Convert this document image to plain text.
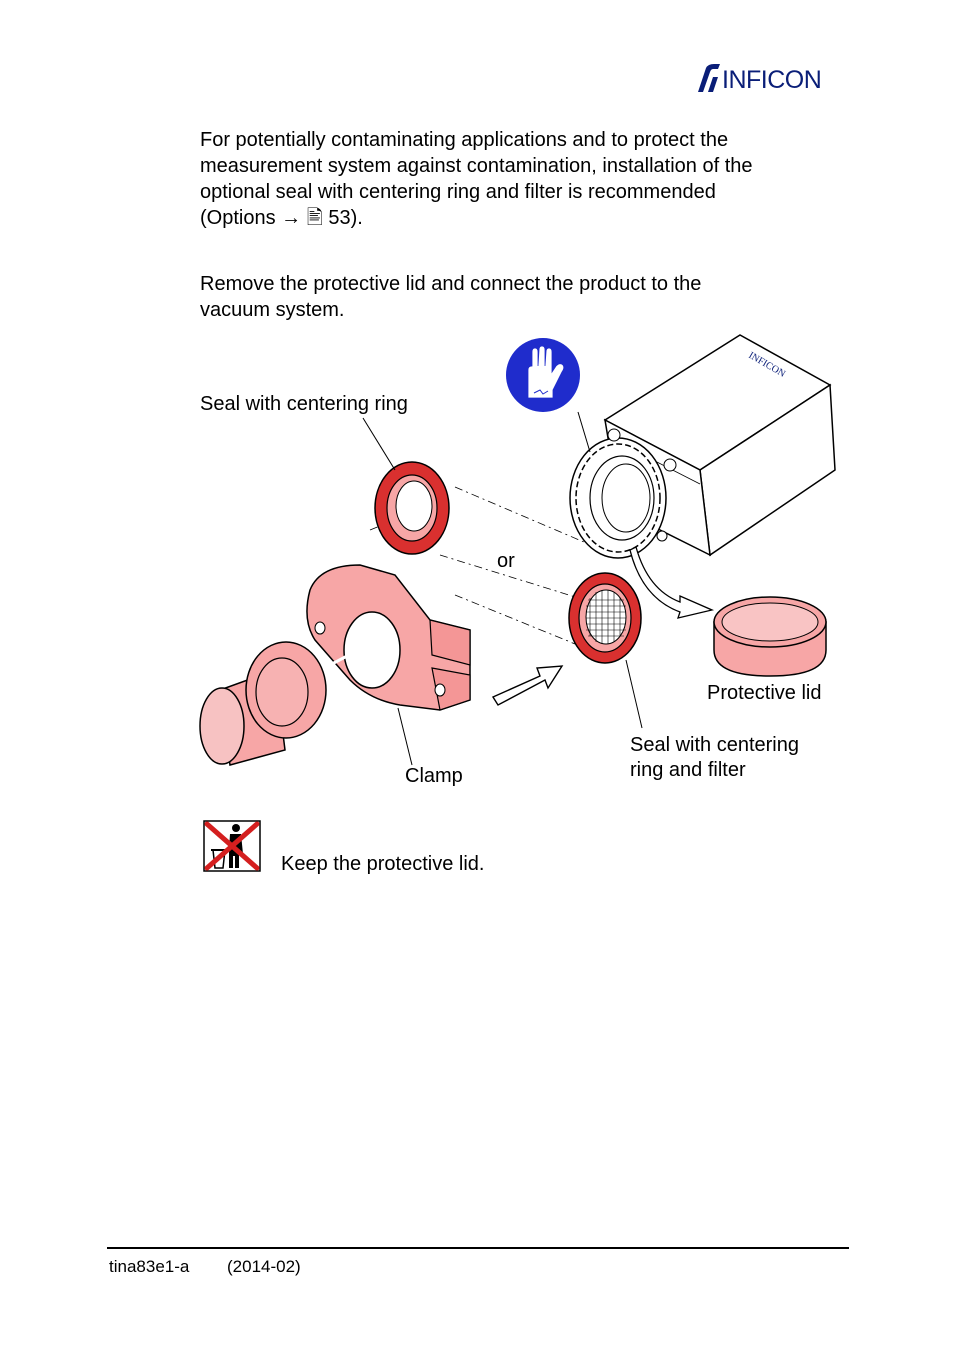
INFICON
For potentially contaminating applications and to protect the
measurement system against contamination, installation of the
optional seal with centering ring and filter is recommended
(Options → 🖹 53).
Remove the protective lid and connect the product to the
vacuum system.
INFICON
Seal with centering ring
or
Protective lid
Seal with centering
ring and filter
Clamp
Keep the protective lid.
tina83e1-a (2014-02)
